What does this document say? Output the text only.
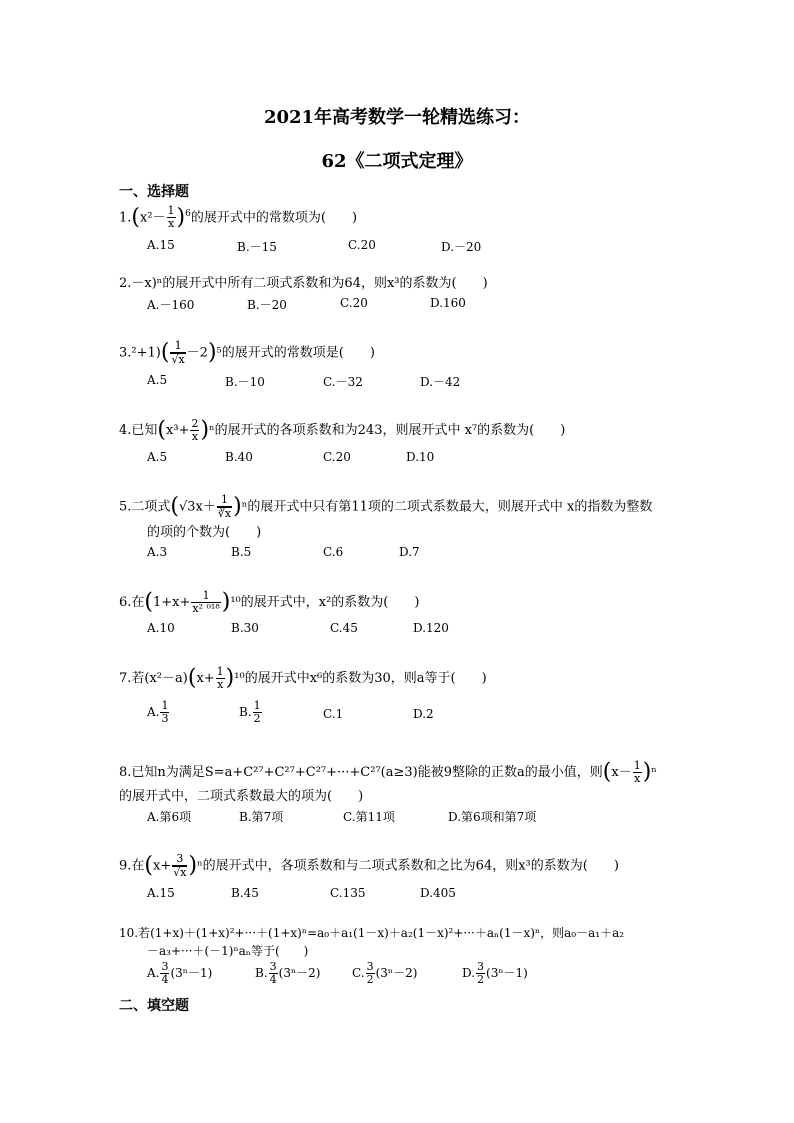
2021年高考数学一轮精选练习：
62《二项式定理》
一、选择题
$1.(x^2- \frac{1}{x} )^6$的展开式中的常数项为(　　)
A.15	B.－15	C.20	D.－20
2.－x)ⁿ的展开式中所有二项式系数和为64，则x³的系数为(　　)
A.－160	B.－20	C.20	D.160
$3.^2+1)( \frac{1}{√x} -2)^5$的展开式的常数项是(　　)
A.5	B.－10	C.－32	D.－42
4.已知$(x^3+ \frac{2}{x} )^n$的展开式的各项系数和为243，则展开式中 x⁷的系数为(　　)
A.5	B.40	C.20	D.10
5.二项式$(√3x+ \frac{1}{∛x} )^n$的展开式中只有第11项的二项式系数最大，则展开式中 x的指数为整数
的项的个数为(　　)
A.3	B.5	C.6	D.7
6.在$(1+x+ \frac{1}{\text{x² ⁰¹⁸}} )^{10}$的展开式中，x²的系数为(　　)
A.10	B.30	C.45	D.120
7.若$(x^2-a)(x+ \frac{1}{x} )^{10}$的展开式中x⁶的系数为30，则a等于(　　)
A. $\frac{1}{3}$	B. $\frac{1}{2}$	C.1	D.2
8.已知n为满足S=a+C²⁷+C²⁷+C²⁷+···+C²⁷(a≥3)能被9整除的正数a的最小值，则$(x- \frac{1}{x} )^n$
的展开式中，二项式系数最大的项为(　　)
A.第6项	B.第7项	C.第11项	D.第6项和第7项
9.在$(x+ \frac{3}{√x} )^n$的展开式中，各项系数和与二项式系数和之比为64，则x³的系数为(　　)
A.15	B.45	C.135	D.405
10.若(1+x)＋(1+x)²+···＋(1+x)ⁿ=a₀＋a₁(1－x)＋a₂(1－x)²+···＋aₙ(1－x)ⁿ，则a₀－a₁＋a₂
－a₃+···＋(－1)ⁿaₙ等于(　　)
A. $\frac{3}{4} (3^n-1)$	B. $\frac{3}{4} (3^n-2)$	C. $\frac{3}{2} (3^n-2)$	D. $\frac{3}{2} (3^n-1)$
二、填空题
